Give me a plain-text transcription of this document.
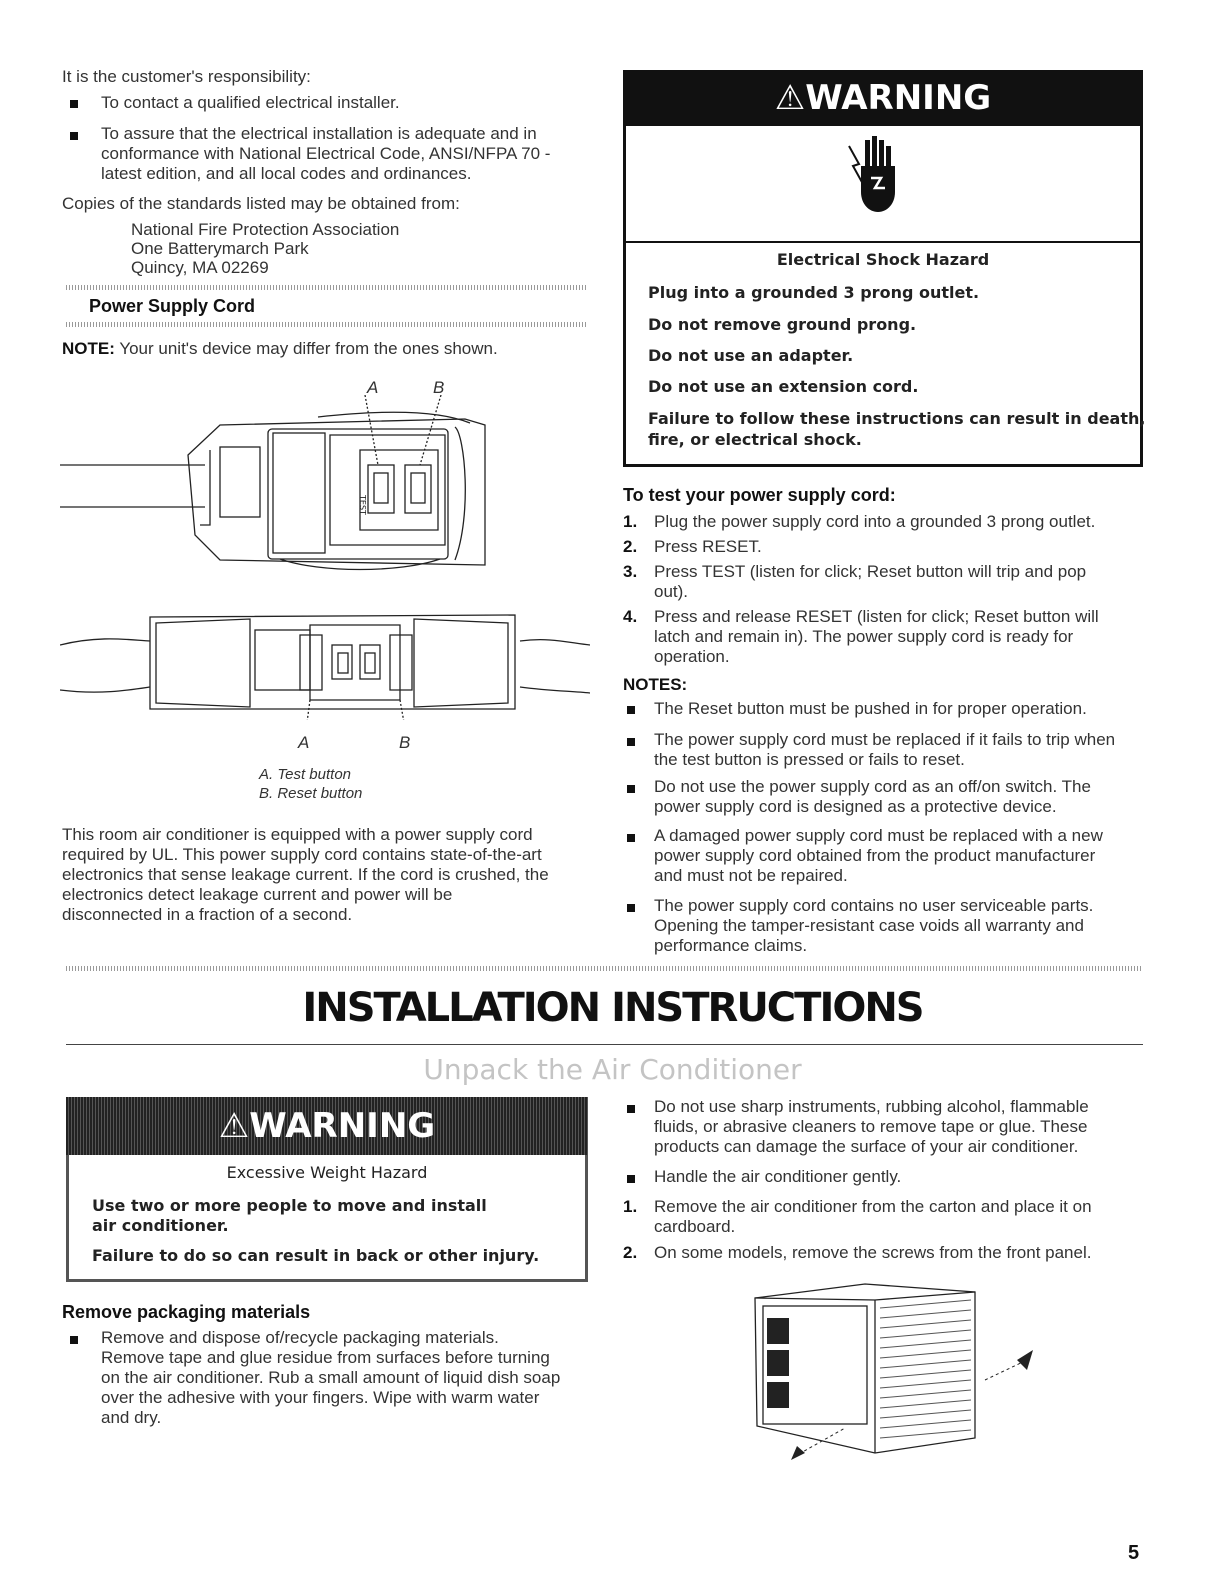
It is the customer's responsibility:
To contact a qualified electrical installer.
To assure that the electrical installation is adequate and in
conformance with National Electrical Code, ANSI/NFPA 70 -
latest edition, and all local codes and ordinances.
Copies of the standards listed may be obtained from:
National Fire Protection Association
One Batterymarch Park
Quincy, MA 02269
Power Supply Cord
NOTE: Your unit's device may differ from the ones shown.
A	B
TEST
A	B
A. Test button
B. Reset button
This room air conditioner is equipped with a power supply cord
required by UL. This power supply cord contains state-of-the-art
electronics that sense leakage current. If the cord is crushed, the
electronics detect leakage current and power will be
disconnected in a fraction of a second.
⚠WARNING
Electrical Shock Hazard
Plug into a grounded 3 prong outlet.
Do not remove ground prong.
Do not use an adapter.
Do not use an extension cord.
Failure to follow these instructions can result in death,
fire, or electrical shock.
To test your power supply cord:
1. Plug the power supply cord into a grounded 3 prong outlet.
2. Press RESET.
3. Press TEST (listen for click; Reset button will trip and pop
out).
4. Press and release RESET (listen for click; Reset button will
latch and remain in). The power supply cord is ready for
operation.
NOTES:
The Reset button must be pushed in for proper operation.
The power supply cord must be replaced if it fails to trip when
the test button is pressed or fails to reset.
Do not use the power supply cord as an off/on switch. The
power supply cord is designed as a protective device.
A damaged power supply cord must be replaced with a new
power supply cord obtained from the product manufacturer
and must not be repaired.
The power supply cord contains no user serviceable parts.
Opening the tamper-resistant case voids all warranty and
performance claims.
INSTALLATION INSTRUCTIONS
Unpack the Air Conditioner
⚠WARNING
Excessive Weight Hazard
Use two or more people to move and install
air conditioner.
Failure to do so can result in back or other injury.
Remove packaging materials
Remove and dispose of/recycle packaging materials.
Remove tape and glue residue from surfaces before turning
on the air conditioner. Rub a small amount of liquid dish soap
over the adhesive with your fingers. Wipe with warm water
and dry.
Do not use sharp instruments, rubbing alcohol, flammable
fluids, or abrasive cleaners to remove tape or glue. These
products can damage the surface of your air conditioner.
Handle the air conditioner gently.
1. Remove the air conditioner from the carton and place it on
cardboard.
2. On some models, remove the screws from the front panel.
5
